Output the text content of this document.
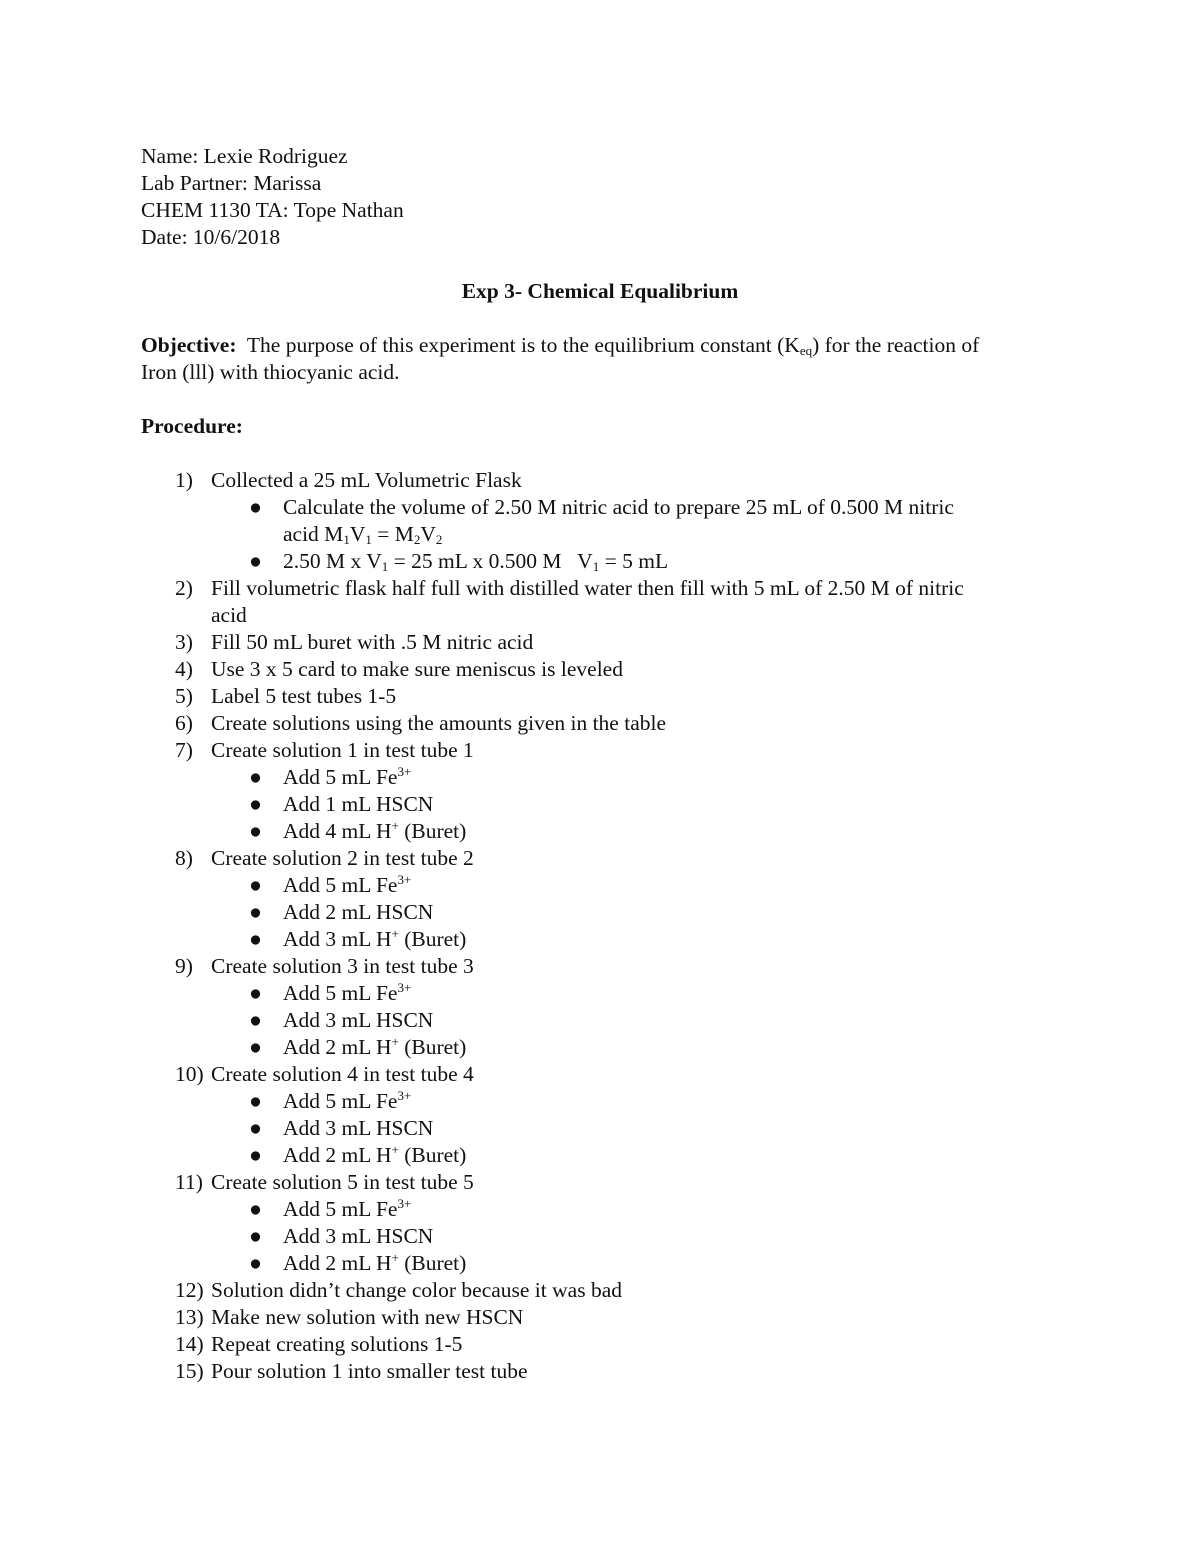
Name: Lexie Rodriguez
Lab Partner: Marissa
CHEM 1130 TA: Tope Nathan
Date: 10/6/2018
Exp 3- Chemical Equalibrium
Objective: The purpose of this experiment is to the equilibrium constant $(K_{eq})$ for the reaction of
Iron (lll) with thiocyanic acid.
Procedure:
1) Collected a 25 mL Volumetric Flask
● Calculate the volume of 2.50 M nitric acid to prepare 25 mL of 0.500 M nitric
acid $M_1V_1 = M_2V_2$
● 2.50 M x $V_1 = 25$ mL x 0.500 M   $V_1 = 5$ mL
2) Fill volumetric flask half full with distilled water then fill with 5 mL of 2.50 M of nitric
acid
3) Fill 50 mL buret with .5 M nitric acid
4) Use 3 x 5 card to make sure meniscus is leveled
5) Label 5 test tubes 1-5
6) Create solutions using the amounts given in the table
7) Create solution 1 in test tube 1
● Add 5 mL $Fe^{3+}$
● Add 1 mL HSCN
● Add 4 mL H+ (Buret)
8) Create solution 2 in test tube 2
● Add 5 mL $Fe^{3+}$
● Add 2 mL HSCN
● Add 3 mL H+ (Buret)
9) Create solution 3 in test tube 3
● Add 5 mL $Fe^{3+}$
● Add 3 mL HSCN
● Add 2 mL H+ (Buret)
10) Create solution 4 in test tube 4
● Add 5 mL $Fe^{3+}$
● Add 3 mL HSCN
● Add 2 mL H+ (Buret)
11) Create solution 5 in test tube 5
● Add 5 mL $Fe^{3+}$
● Add 3 mL HSCN
● Add 2 mL H+ (Buret)
12) Solution didn’t change color because it was bad
13) Make new solution with new HSCN
14) Repeat creating solutions 1-5
15) Pour solution 1 into smaller test tube
